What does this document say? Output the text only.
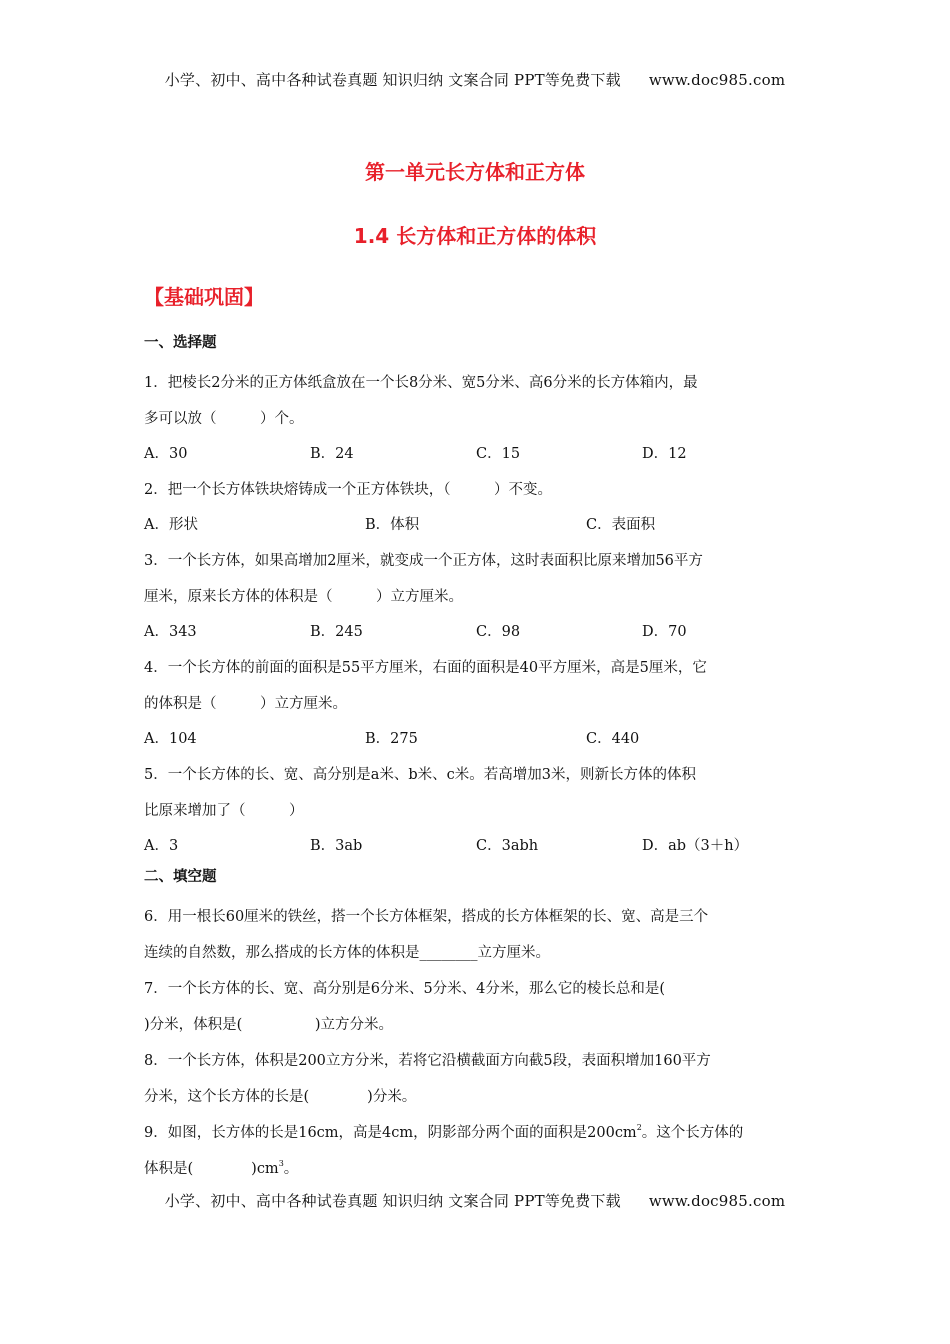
小学、初中、高中各种试卷真题 知识归纳 文案合同 PPT等免费下载 www.doc985.com
第一单元长方体和正方体
1.4 长方体和正方体的体积
【基础巩固】
一、选择题
1．把棱长2分米的正方体纸盒放在一个长8分米、宽5分米、高6分米的长方体箱内，最
多可以放（　　　）个。
A．30	B．24	C．15	D．12
2．把一个长方体铁块熔铸成一个正方体铁块，（　　　）不变。
A．形状	B．体积	C．表面积
3．一个长方体，如果高增加2厘米，就变成一个正方体，这时表面积比原来增加56平方
厘米，原来长方体的体积是（　　　）立方厘米。
A．343	B．245	C．98	D．70
4．一个长方体的前面的面积是55平方厘米，右面的面积是40平方厘米，高是5厘米，它
的体积是（　　　）立方厘米。
A．104	B．275	C．440
5．一个长方体的长、宽、高分别是a米、b米、c米。若高增加3米，则新长方体的体积
比原来增加了（　　　）
A．3	B．3ab	C．3abh	D．ab（3＋h）
二、填空题
6．用一根长60厘米的铁丝，搭一个长方体框架，搭成的长方体框架的长、宽、高是三个
连续的自然数，那么搭成的长方体的体积是________立方厘米。
7．一个长方体的长、宽、高分别是6分米、5分米、4分米，那么它的棱长总和是(
)分米，体积是(　　　　　)立方分米。
8．一个长方体，体积是200立方分米，若将它沿横截面方向截5段，表面积增加160平方
分米，这个长方体的长是(　　　　)分米。
9．如图，长方体的长是16cm，高是4cm，阴影部分两个面的面积是$200cm^2$。这个长方体的
体积是(　　　　)$cm^3$。
小学、初中、高中各种试卷真题 知识归纳 文案合同 PPT等免费下载 www.doc985.com
